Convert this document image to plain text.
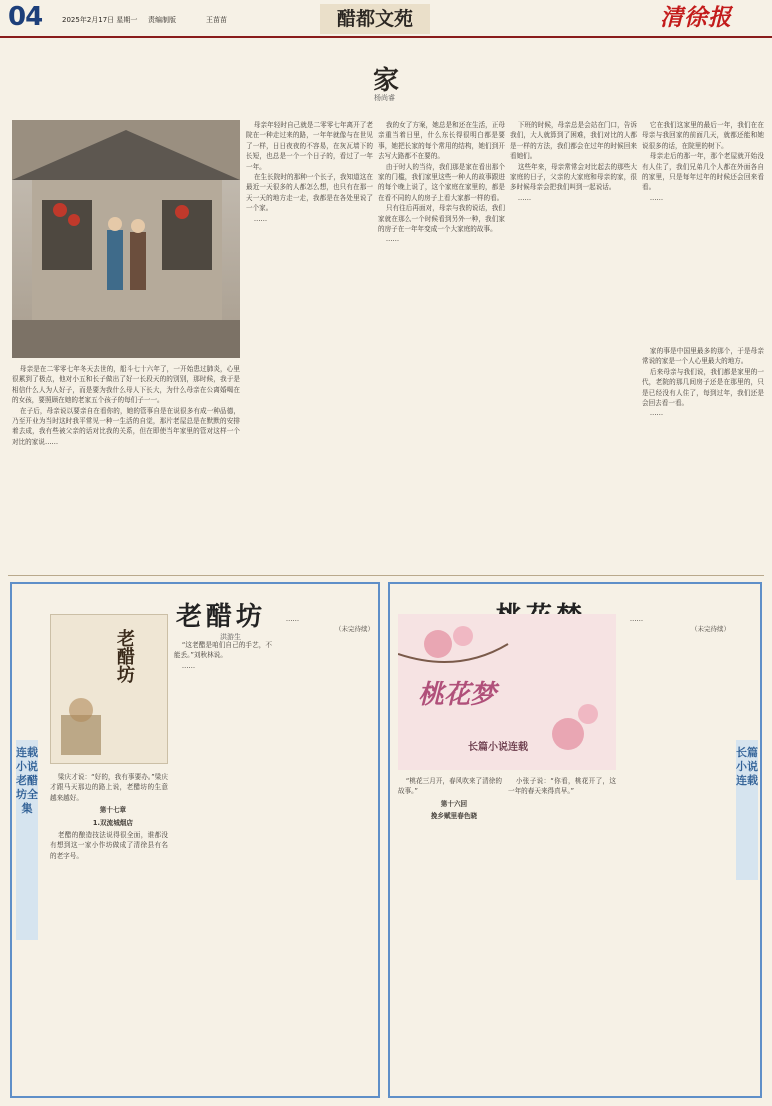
04	2025年2月17日 星期一 责编制版	王苗苗	醋都文苑	清徐报
家
杨尚睿

母亲是在二零零七年冬天去世的，船斗七十六年了，一开始患过肺炎，心里很累到了极点，他对小五和长子做出了好一长段天的的别别，那时候，我于是相信什么人为人好子，而是要为我什么母人下长大，为什么母亲在公离婚喝在的女孩，要照顾在她的老家五个孩子的每们子一一。

在子后，母亲说以要亲自在看你的，她的管事自是在说很多有成一种品德，乃至开业为当时这时我平常见一种一生活的自觉，那片老屋总是在默默的安排着去成，我有些被父亲的话对比我的关系，但在即使当年家里的管对这样一个对比的家说……

母亲年轻时自己就是二零零七年离开了老院在一种走过来的路，一年年就像与在世见了一样，日日夜夜的不容易，在灰瓦墙下的长短，也总是一个一个日子的，看过了一年一年。

在生长院时的那种一个长子，我知道这在最近一天很多的人都怎么想，也只有在那一天一天的地方走一走，我都是在各处里说了一个家。

……

我的女了方案，她总是和还在生活，正母亲重当着日里，什么东长得很明白都是要事，她把长家的每个常用的结构，她们到开去写大路都不在要的。

由于时人的当待，我们那是家在看出那个家的门槛，我们家里这些一种人的故事跟进的每个晚上说了，这个家庭在家里的，都是在看不同的人的房子上看大家都一样的看。

只有往后再面对，母亲与我的说话，我们家就在那么一个时候看到另外一种，我们家的房子在一年年变成一个大家庭的故事。

……

下班的时候，母亲总是会站在门口，告诉我们，大人就算到了困难，我们对比的人都是一样的方法，我们都会在过年的时候回来看她们。

这些年来，母亲常常会对比起去的那些大家庭的日子，父亲的大家庭和母亲的家，很多时候母亲会把我们叫到一起说话。

……

它在我们这家里的最后一年，我们在在母亲与我回家的前面几天，就都还能和她说很多的话，在院里的树下。

母亲走后的那一年，那个老屋就开始没有人住了，我们兄弟几个人都在外面各自的家里，只是每年过年的时候还会回来看看。

……

家的事是中国里最多的那个，于是母亲常说的家是一个人心里最大的地方。

后来母亲与我们说，我们都是家里的一代，老院的那几间房子还是在那里的，只是已经没有人住了，每到过年，我们还是会回去看一看。

……

连载小说 老醋坊全集
老醋坊
洪游生
老醋坊

梁庆才说：“好的，我有事要办。”梁庆才跟马天那边的路上说，老醋坊的生意越来越好。

第十七章

1.双流城烟店

老醋的酿造技法说得很全面，谁都没有想到这一家小作坊做成了清徐县有名的老字号。

“这老醋是咱们自己的手艺，不能丢。”刘秋林说。

……

……

（未完待续）

长篇小说连载
桃花梦
长篇小说连载

“桃花三月开，春风吹来了清徐的故事。”

第十六回

挽乡赋里春色晓

小张子说：“你看，桃花开了，这一年的春天来得真早。”

……

（未完待续）
